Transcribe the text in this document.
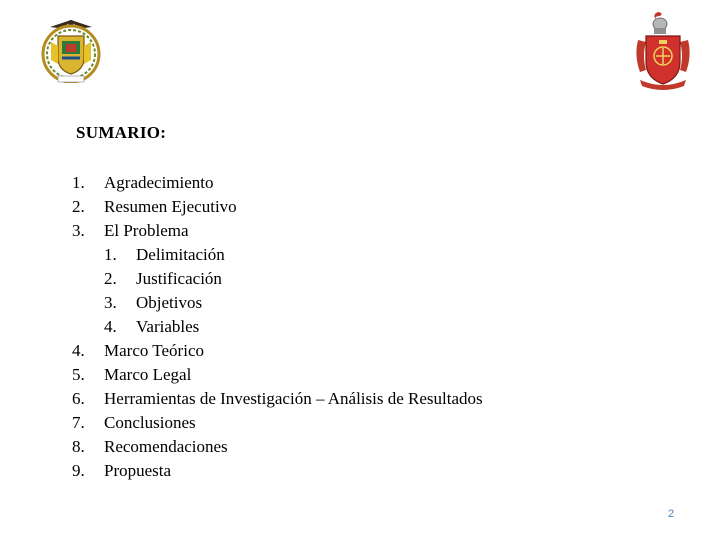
SUMARIO:
1. Agradecimiento
2. Resumen Ejecutivo
3. El Problema
1. Delimitación
2. Justificación
3. Objetivos
4. Variables
4. Marco Teórico
5. Marco Legal
6. Herramientas de Investigación – Análisis de Resultados
7. Conclusiones
8. Recomendaciones
9. Propuesta
2
